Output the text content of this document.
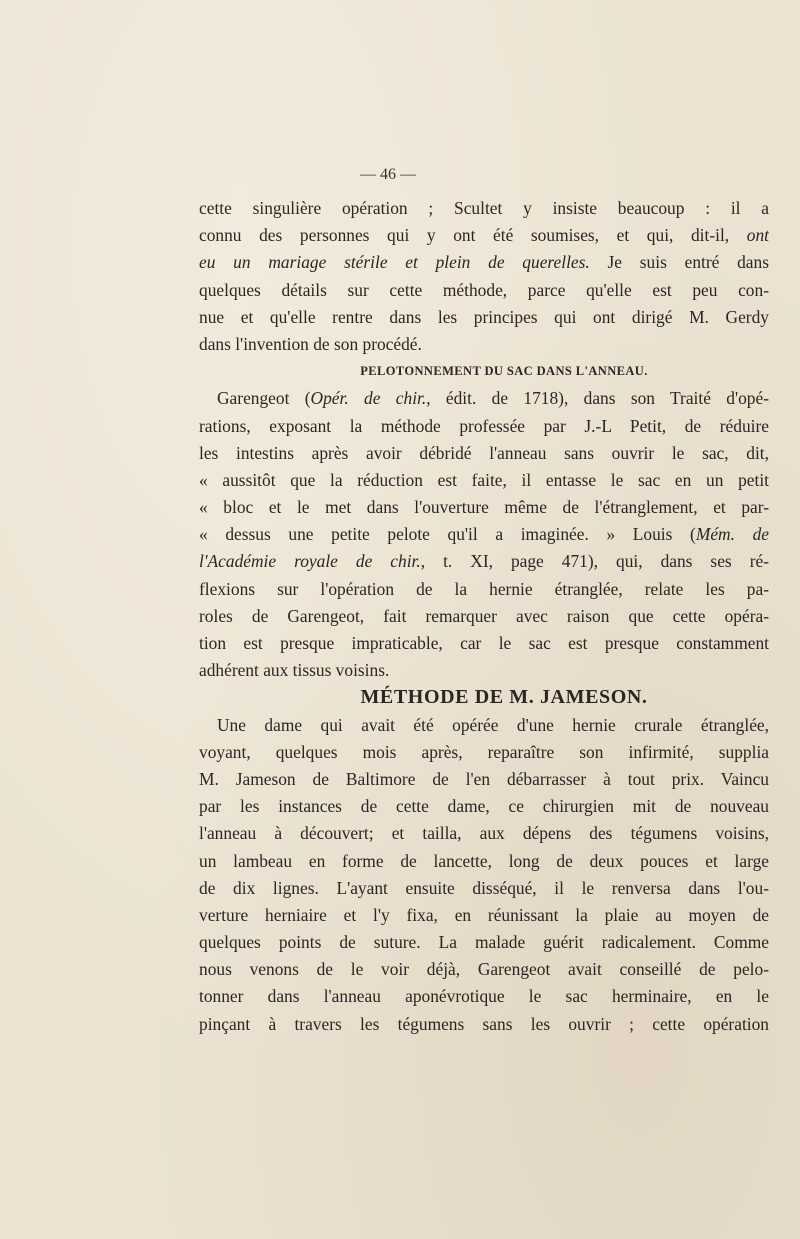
— 46 —
cette singulière opération ; Scultet y insiste beaucoup : il a
connu des personnes qui y ont été soumises, et qui, dit-il, ont
eu un mariage stérile et plein de querelles. Je suis entré dans
quelques détails sur cette méthode, parce qu'elle est peu con-
nue et qu'elle rentre dans les principes qui ont dirigé M. Gerdy
dans l'invention de son procédé.
PELOTONNEMENT DU SAC DANS L'ANNEAU.
Garengeot (Opér. de chir., édit. de 1718), dans son Traité d'opé-
rations, exposant la méthode professée par J.-L Petit, de réduire
les intestins après avoir débridé l'anneau sans ouvrir le sac, dit,
« aussitôt que la réduction est faite, il entasse le sac en un petit
« bloc et le met dans l'ouverture même de l'étranglement, et par-
« dessus une petite pelote qu'il a imaginée. » Louis (Mém. de
l'Académie royale de chir., t. XI, page 471), qui, dans ses ré-
flexions sur l'opération de la hernie étranglée, relate les pa-
roles de Garengeot, fait remarquer avec raison que cette opéra-
tion est presque impraticable, car le sac est presque constamment
adhérent aux tissus voisins.
MÉTHODE DE M. JAMESON.
Une dame qui avait été opérée d'une hernie crurale étranglée,
voyant, quelques mois après, reparaître son infirmité, supplia
M. Jameson de Baltimore de l'en débarrasser à tout prix. Vaincu
par les instances de cette dame, ce chirurgien mit de nouveau
l'anneau à découvert; et tailla, aux dépens des tégumens voisins,
un lambeau en forme de lancette, long de deux pouces et large
de dix lignes. L'ayant ensuite disséqué, il le renversa dans l'ou-
verture herniaire et l'y fixa, en réunissant la plaie au moyen de
quelques points de suture. La malade guérit radicalement. Comme
nous venons de le voir déjà, Garengeot avait conseillé de pelo-
tonner dans l'anneau aponévrotique le sac herminaire, en le
pinçant à travers les tégumens sans les ouvrir ; cette opération
